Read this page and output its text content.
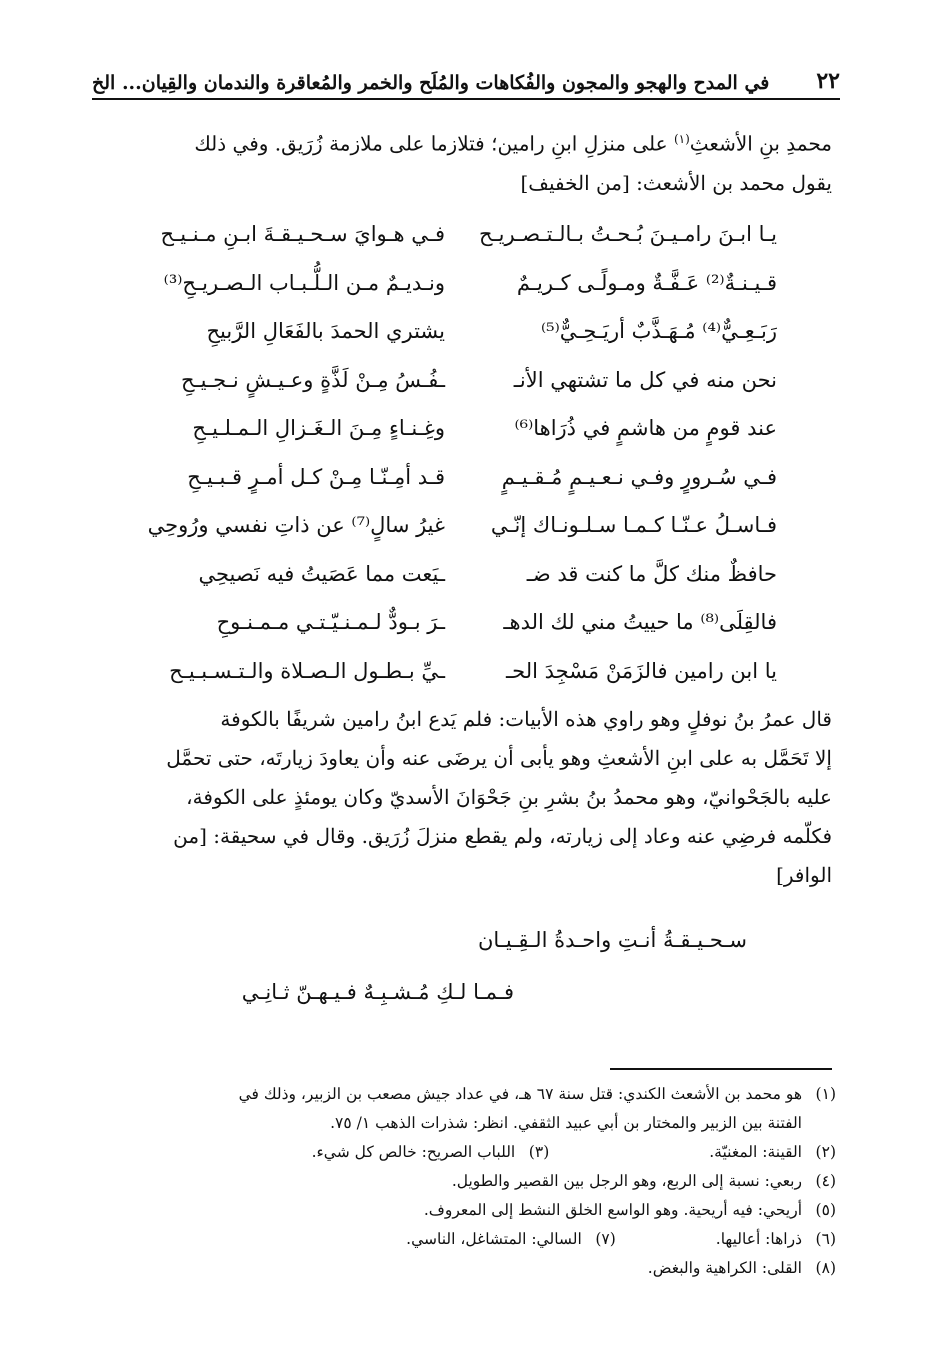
٢٢
في المدح والهجو والمجون والفُكاهات والمُلَح والخمر والمُعاقرة والندمان والقِيان... الخ
محمدِ بنِ الأشعثِ$^{(١)}$ على منزلِ ابنِ رامين؛ فتلازما على ملازمة زُرَيق. وفي ذلك
يقول محمد بن الأشعث: [من الخفيف]
يـا ابـنَ رامـيـنَ بُـحـتُ بـالـتـصـريـح
فـي هـوايَ سـحـيـقـةَ ابـنِ مـنـيـح
قـيـنـةٌ⁽²⁾ عَـفَّـةٌ ومـولًـى كـريـمٌ
ونـديـمٌ مـن الـلُّـبـاب الـصـريـحِ⁽³⁾
رَبَـعِـيٌّ⁽⁴⁾ مُـهَـذَّبٌ أريَـحِـيٌّ⁽⁵⁾
يشتري الحمدَ بالفَعَالِ الرَّبيحِ
نحن منه في كل ما تشتهي الأنـ
ـفُـسُ مِـنْ لَذَّةٍ وعـيـشٍ نـجـيـحِ
عند قومٍ من هاشمٍ في ذُرَاها⁽⁶⁾
وغِـنـاءٍ مِـنَ الـغَـزالِ الـمـلـيـحِ
فـي سُـرورٍ وفـي نـعـيـمٍ مُـقـيـمٍ
قـد أمِـنّـا مِـنْ كـل أمـرٍ قـبـيـحِ
فـاسـلُ عـنّـا كـمـا سـلـونـاك إنّـي
غيرُ سالٍ⁽⁷⁾ عن ذاتِ نفسي ورُوحِي
حافظٌ منك كلَّ ما كنت قد ضـ
ـيَعت مما عَصَيتُ فيه نَصيحِي
فالقِلَى⁽⁸⁾ ما حييتُ مني لك الدهـ
ـرَ بـودٌّ لـمـنـيّـتـي مـمـنـوحِ
يا ابن رامين فالزَمَنْ مَسْجِدَ الحـ
ـيِّ بـطـول الـصـلاة والـتـسـبـيـح
قال عمرُ بنُ نوفلٍ وهو راوي هذه الأبيات: فلم يَدع ابنُ رامين شريفًا بالكوفة
إلا تَحَمَّل به على ابنِ الأشعثِ وهو يأبى أن يرضَى عنه وأن يعاودَ زيارتَه، حتى تحمَّل
عليه بالجَحْوانيّ، وهو محمدُ بنُ بشرِ بنِ جَحْوَانَ الأسديّ وكان يومئذٍ على الكوفة،
فكلّمه فرضِي عنه وعاد إلى زيارته، ولم يقطع منزلَ زُرَيق. وقال في سحيقة: [من
الوافر]
سـحـيـقـةُ أنـتِ واحـدةُ الـقِـيـان
فـمـا لـكِ مُـشـبِـهٌ فـيـهـنّ ثـانِـي
(١)هو محمد بن الأشعث الكندي: قتل سنة ٦٧ هـ، في عداد جيش مصعب بن الزبير، وذلك في
الفتنة بين الزبير والمختار بن أبي عبيد الثقفي. انظر: شذرات الذهب ١/ ٧٥.
(٢)القينة: المغنيّة.
(٣)اللباب الصريح: خالص كل شيء.
(٤)ربعي: نسبة إلى الربع، وهو الرجل بين القصير والطويل.
(٥)أريحي: فيه أريحية. وهو الواسع الخلق النشط إلى المعروف.
(٦)ذراها: أعاليها.
(٧)السالي: المتشاغل، الناسي.
(٨)القلى: الكراهية والبغض.
